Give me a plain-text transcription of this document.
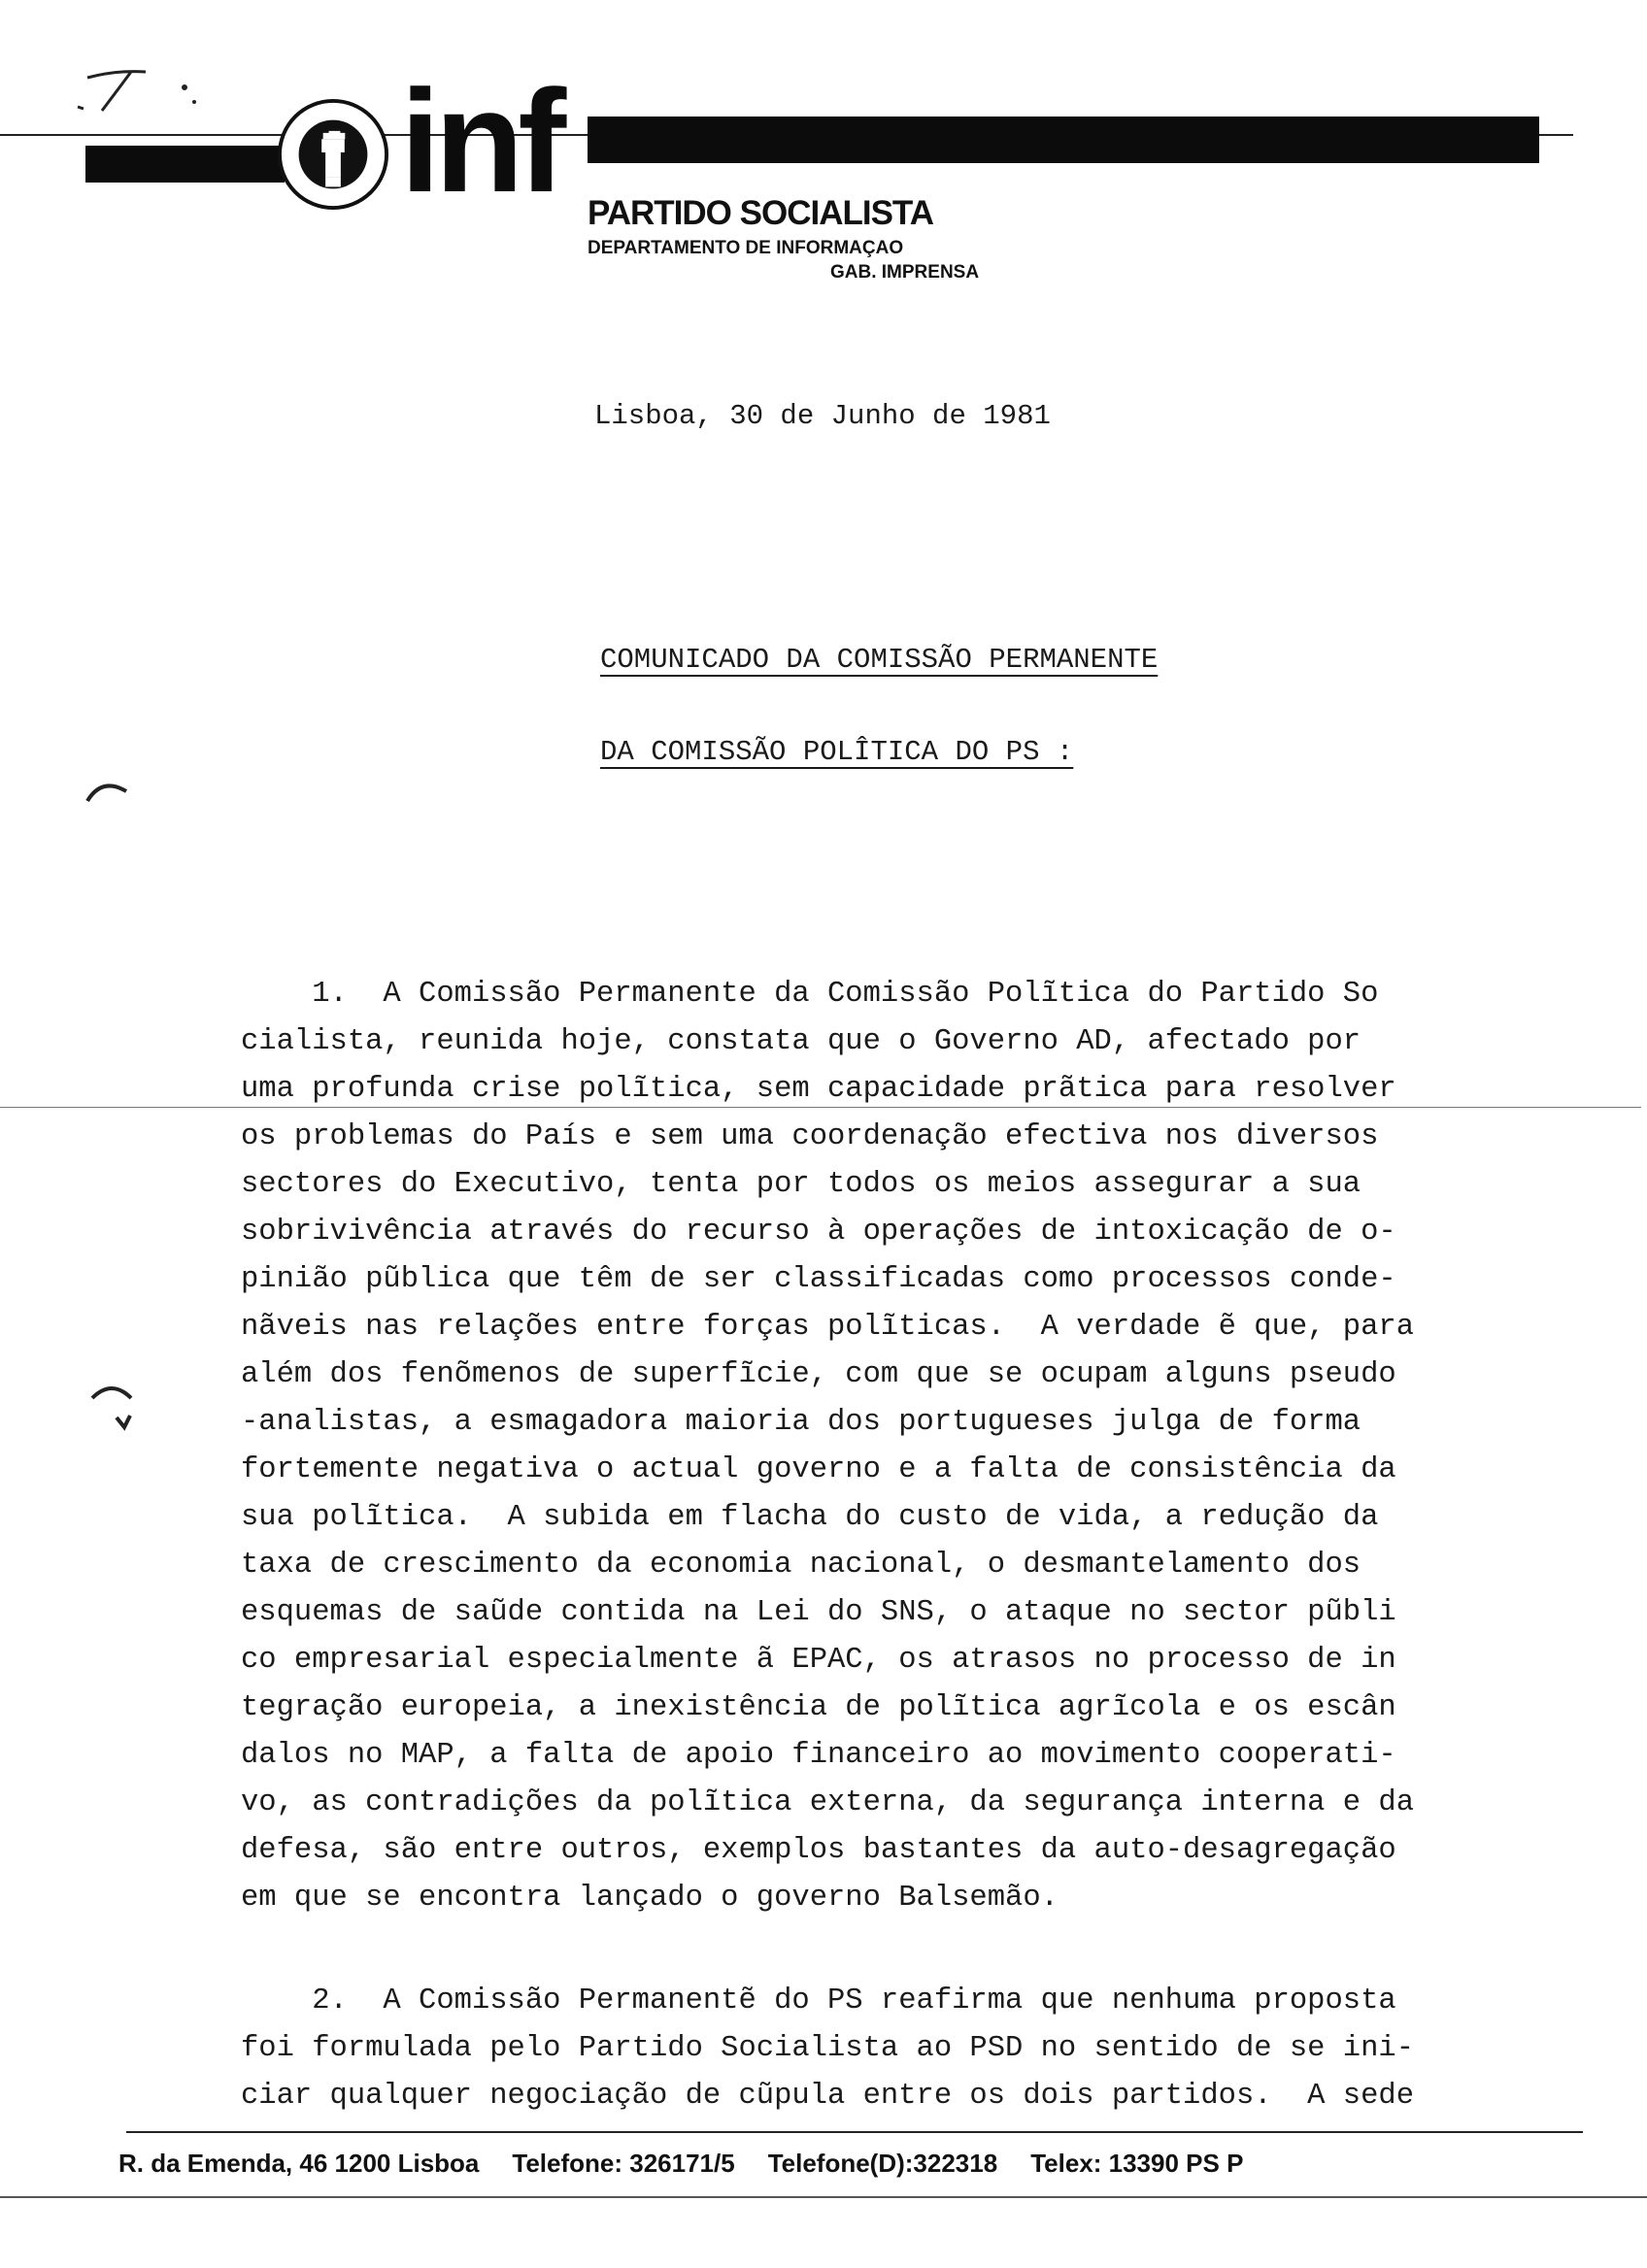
inf PARTIDO SOCIALISTA
DEPARTAMENTO DE INFORMAÇAO
GAB. IMPRENSA
Lisboa, 30 de Junho de 1981
COMUNICADO DA COMISSÃO PERMANENTE
DA COMISSÃO POLÎTICA DO PS :
1.  A Comissão Permanente da Comissão Polĩtica do Partido So
cialista, reunida hoje, constata que o Governo AD, afectado por
uma profunda crise polĩtica, sem capacidade prãtica para resolver
os problemas do País e sem uma coordenação efectiva nos diversos
sectores do Executivo, tenta por todos os meios assegurar a sua
sobrivivência através do recurso à operações de intoxicação de o-
pinião pũblica que têm de ser classificadas como processos conde-
nãveis nas relações entre forças polĩticas.  A verdade ẽ que, para
além dos fenõmenos de superfĩcie, com que se ocupam alguns pseudo
-analistas, a esmagadora maioria dos portugueses julga de forma
fortemente negativa o actual governo e a falta de consistência da
sua polĩtica.  A subida em flacha do custo de vida, a redução da
taxa de crescimento da economia nacional, o desmantelamento dos
esquemas de saũde contida na Lei do SNS, o ataque no sector pũbli
co empresarial especialmente ã EPAC, os atrasos no processo de in
tegração europeia, a inexistência de polĩtica agrĩcola e os escân
dalos no MAP, a falta de apoio financeiro ao movimento cooperati-
vo, as contradições da polĩtica externa, da segurança interna e da
defesa, são entre outros, exemplos bastantes da auto-desagregação
em que se encontra lançado o governo Balsemão.
2.  A Comissão Permanentẽ do PS reafirma que nenhuma proposta
foi formulada pelo Partido Socialista ao PSD no sentido de se ini-
ciar qualquer negociação de cũpula entre os dois partidos.  A sede
R. da Emenda, 46 1200 Lisboa Telefone: 326171/5 Telefone(D):322318 Telex: 13390 PS P
